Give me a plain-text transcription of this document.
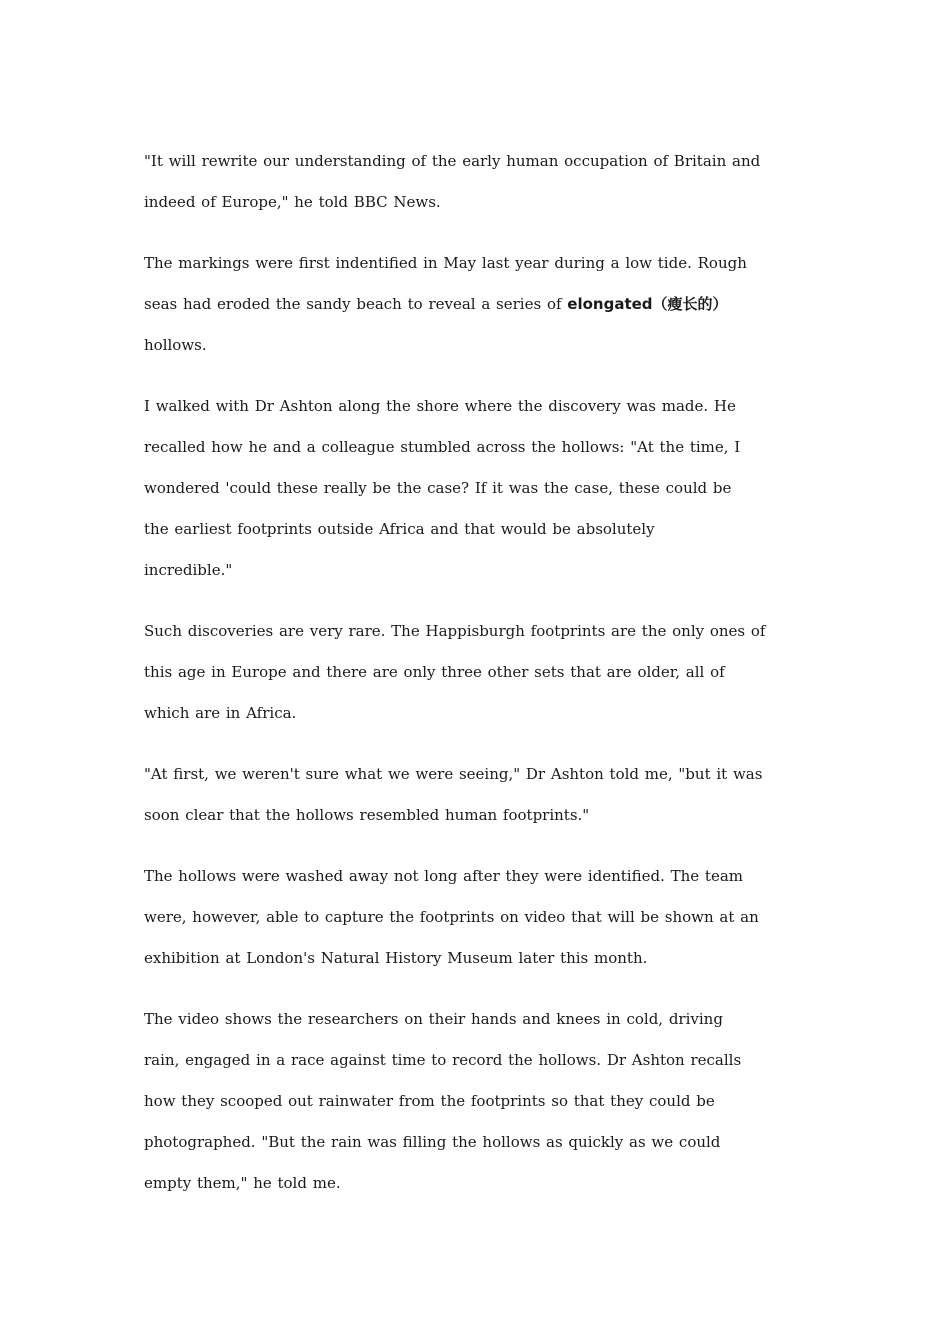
"It will rewrite our understanding of the early human occupation of Britain and
indeed of Europe," he told BBC News.

The markings were first indentified in May last year during a low tide. Rough
seas had eroded the sandy beach to reveal a series of elongated（瘦长的）
hollows.

I walked with Dr Ashton along the shore where the discovery was made. He
recalled how he and a colleague stumbled across the hollows: "At the time, I
wondered 'could these really be the case? If it was the case, these could be
the earliest footprints outside Africa and that would be absolutely
incredible."

Such discoveries are very rare. The Happisburgh footprints are the only ones of
this age in Europe and there are only three other sets that are older, all of
which are in Africa.

"At first, we weren't sure what we were seeing," Dr Ashton told me, "but it was
soon clear that the hollows resembled human footprints."

The hollows were washed away not long after they were identified. The team
were, however, able to capture the footprints on video that will be shown at an
exhibition at London's Natural History Museum later this month.

The video shows the researchers on their hands and knees in cold, driving
rain, engaged in a race against time to record the hollows. Dr Ashton recalls
how they scooped out rainwater from the footprints so that they could be
photographed. "But the rain was filling the hollows as quickly as we could
empty them," he told me.
